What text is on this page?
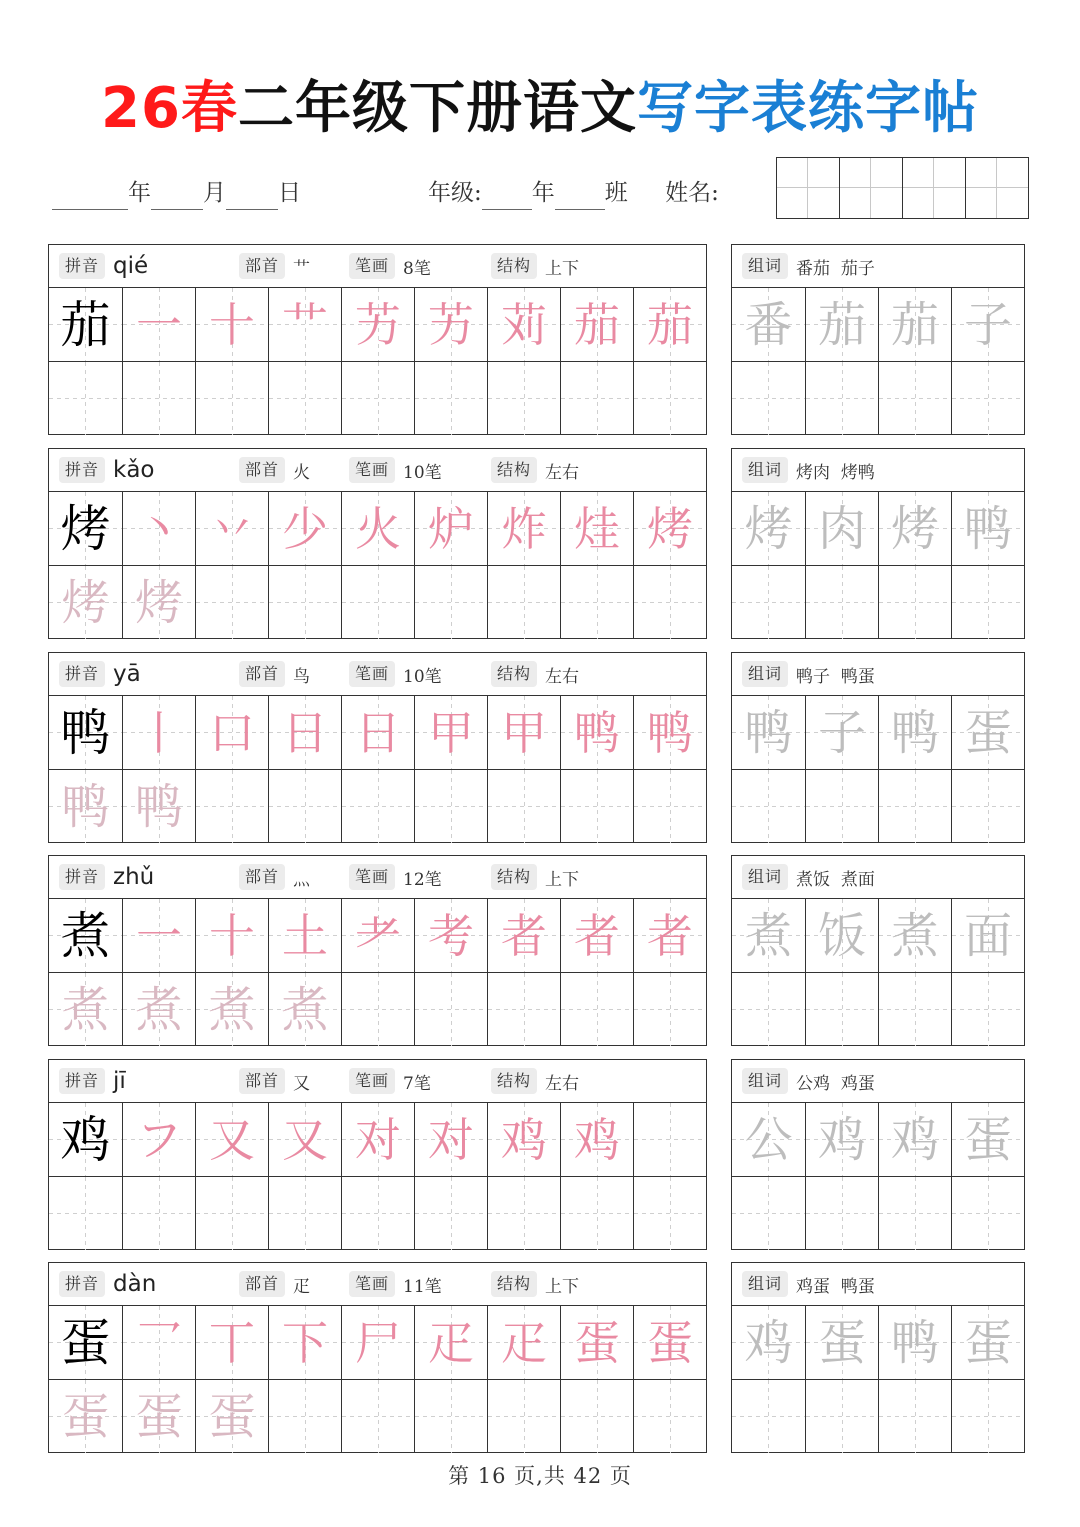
26春二年级下册语文写字表练字帖
年 月 日	年级: 年 班 姓名:
拼音 qié	部首 艹	笔画 8笔	结构 上下
茄 一 十 艹 艻 艻 苅 茄 茄
组词 番茄  茄子
番 茄 茄 子
拼音 kǎo	部首 火	笔画 10笔	结构 左右
烤 丶 丷 少 火 炉 炸 烓 烤
烤 烤
组词 烤肉  烤鸭
烤 肉 烤 鸭
拼音 yā	部首 鸟	笔画 10笔	结构 左右
鸭 丨 口 日 日 甲 甲 鸭 鸭
鸭 鸭
组词 鸭子  鸭蛋
鸭 子 鸭 蛋
拼音 zhǔ	部首 灬	笔画 12笔	结构 上下
煮 一 十 土 耂 考 者 者 者
煮 煮 煮 煮
组词 煮饭  煮面
煮 饭 煮 面
拼音 jī	部首 又	笔画 7笔	结构 左右
鸡 フ 又 又 对 对 鸡 鸡
组词 公鸡  鸡蛋
公 鸡 鸡 蛋
拼音 dàn	部首 疋	笔画 11笔	结构 上下
蛋 乛 丅 下 尸 疋 疋 蛋 蛋
蛋 蛋 蛋
组词 鸡蛋  鸭蛋
鸡 蛋 鸭 蛋
第 16 页,共 42 页
